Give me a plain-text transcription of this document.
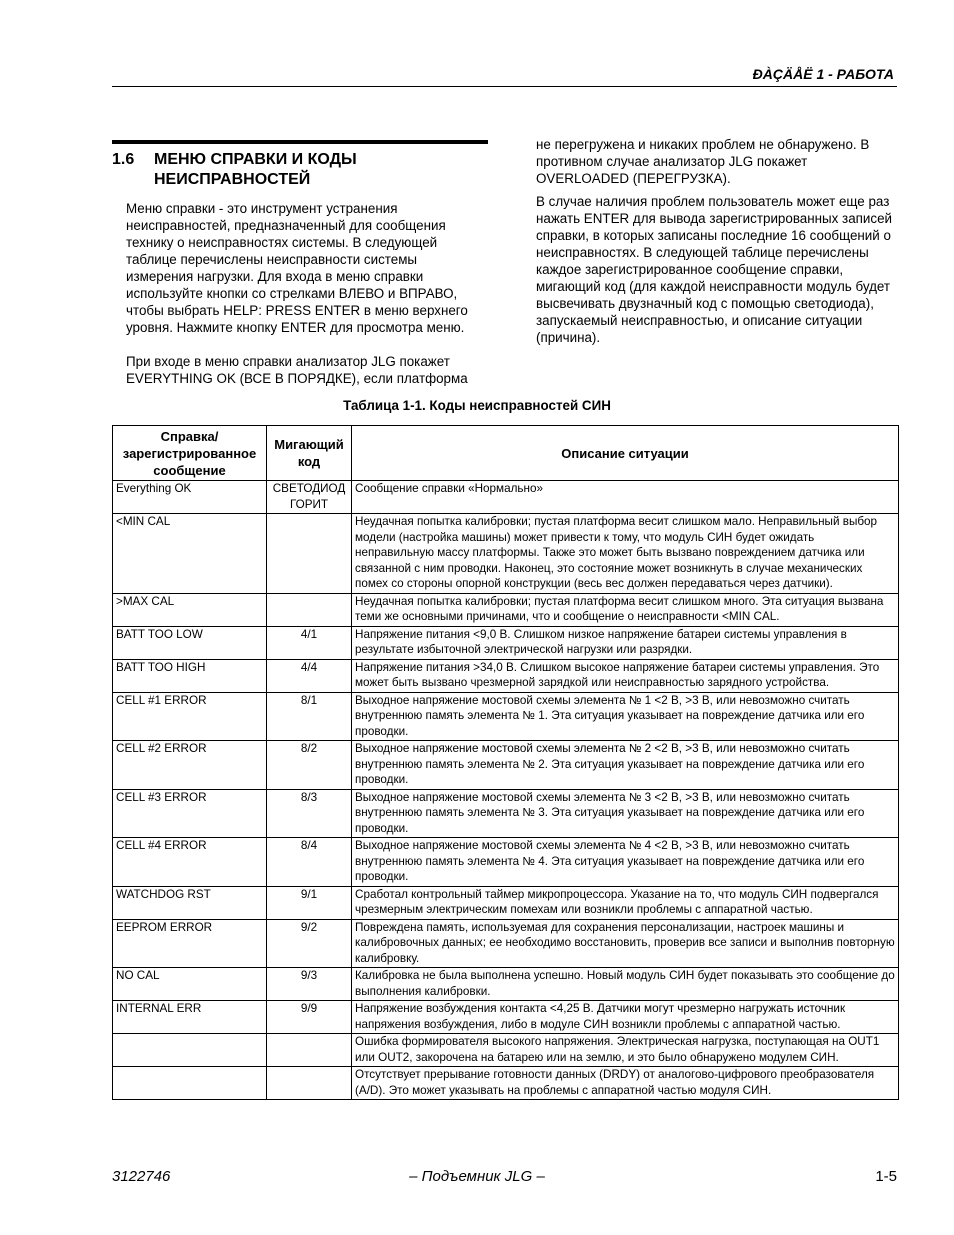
ÐÀÇÄÅË 1 - РАБОТА
1.6	МЕНЮ СПРАВКИ И КОДЫ НЕИСПРАВНОСТЕЙ

Меню справки - это инструмент устранения неисправностей, предназначенный для сообщения технику о неисправностях системы. В следующей таблице перечислены неисправности системы измерения нагрузки. Для входа в меню справки используйте кнопки со стрелками ВЛЕВО и ВПРАВО, чтобы выбрать HELP: PRESS ENTER в меню верхнего уровня. Нажмите кнопку ENTER для просмотра меню.

При входе в меню справки анализатор JLG покажет EVERYTHING OK (ВСЕ В ПОРЯДКЕ), если платформа

не перегружена и никаких проблем не обнаружено. В противном случае анализатор JLG покажет OVERLOADED (ПЕРЕГРУЗКА).

В случае наличия проблем пользователь может еще раз нажать ENTER для вывода зарегистрированных записей справки, в которых записаны последние 16 сообщений о неисправностях. В следующей таблице перечислены каждое зарегистрированное сообщение справки, мигающий код (для каждой неисправности модуль будет высвечивать двузначный код с помощью светодиода), запускаемый неисправностью, и описание ситуации (причина).

Таблица 1-1. Коды неисправностей СИН
Справка/ зарегистрированное сообщение	Мигающий код	Описание ситуации
Everything OK	СВЕТОДИОД ГОРИТ	Сообщение справки «Нормально»
<MIN CAL		Неудачная попытка калибровки; пустая платформа весит слишком мало. Неправильный выбор модели (настройка машины) может привести к тому, что модуль СИН будет ожидать неправильную массу платформы. Также это может быть вызвано повреждением датчика или связанной с ним проводки. Наконец, это состояние может возникнуть в случае механических помех со стороны опорной конструкции (весь вес должен передаваться через датчики).
>MAX CAL		Неудачная попытка калибровки; пустая платформа весит слишком много. Эта ситуация вызвана теми же основными причинами, что и сообщение о неисправности <MIN CAL.
BATT TOO LOW	4/1	Напряжение питания <9,0 В. Слишком низкое напряжение батареи системы управления в результате избыточной электрической нагрузки или разрядки.
BATT TOO HIGH	4/4	Напряжение питания >34,0 В. Слишком высокое напряжение батареи системы управления. Это может быть вызвано чрезмерной зарядкой или неисправностью зарядного устройства.
CELL #1 ERROR	8/1	Выходное напряжение мостовой схемы элемента № 1 <2 В, >3 В, или невозможно считать внутреннюю память элемента № 1. Эта ситуация указывает на повреждение датчика или его проводки.
CELL #2 ERROR	8/2	Выходное напряжение мостовой схемы элемента № 2 <2 В, >3 В, или невозможно считать внутреннюю память элемента № 2. Эта ситуация указывает на повреждение датчика или его проводки.
CELL #3 ERROR	8/3	Выходное напряжение мостовой схемы элемента № 3 <2 В, >3 В, или невозможно считать внутреннюю память элемента № 3. Эта ситуация указывает на повреждение датчика или его проводки.
CELL #4 ERROR	8/4	Выходное напряжение мостовой схемы элемента № 4 <2 В, >3 В, или невозможно считать внутреннюю память элемента № 4. Эта ситуация указывает на повреждение датчика или его проводки.
WATCHDOG RST	9/1	Сработал контрольный таймер микропроцессора. Указание на то, что модуль СИН подвергался чрезмерным электрическим помехам или возникли проблемы с аппаратной частью.
EEPROM ERROR	9/2	Повреждена память, используемая для сохранения персонализации, настроек машины и калибровочных данных; ее необходимо восстановить, проверив все записи и выполнив повторную калибровку.
NO CAL	9/3	Калибровка не была выполнена успешно. Новый модуль СИН будет показывать это сообщение до выполнения калибровки.
INTERNAL ERR	9/9	Напряжение возбуждения контакта <4,25 В. Датчики могут чрезмерно нагружать источник напряжения возбуждения, либо в модуле СИН возникли проблемы с аппаратной частью.
		Ошибка формирователя высокого напряжения. Электрическая нагрузка, поступающая на OUT1 или OUT2, закорочена на батарею или на землю, и это было обнаружено модулем СИН.
		Отсутствует прерывание готовности данных (DRDY) от аналогово-цифрового преобразователя (A/D). Это может указывать на проблемы с аппаратной частью модуля СИН.
3122746	– Подъемник JLG –	1-5
